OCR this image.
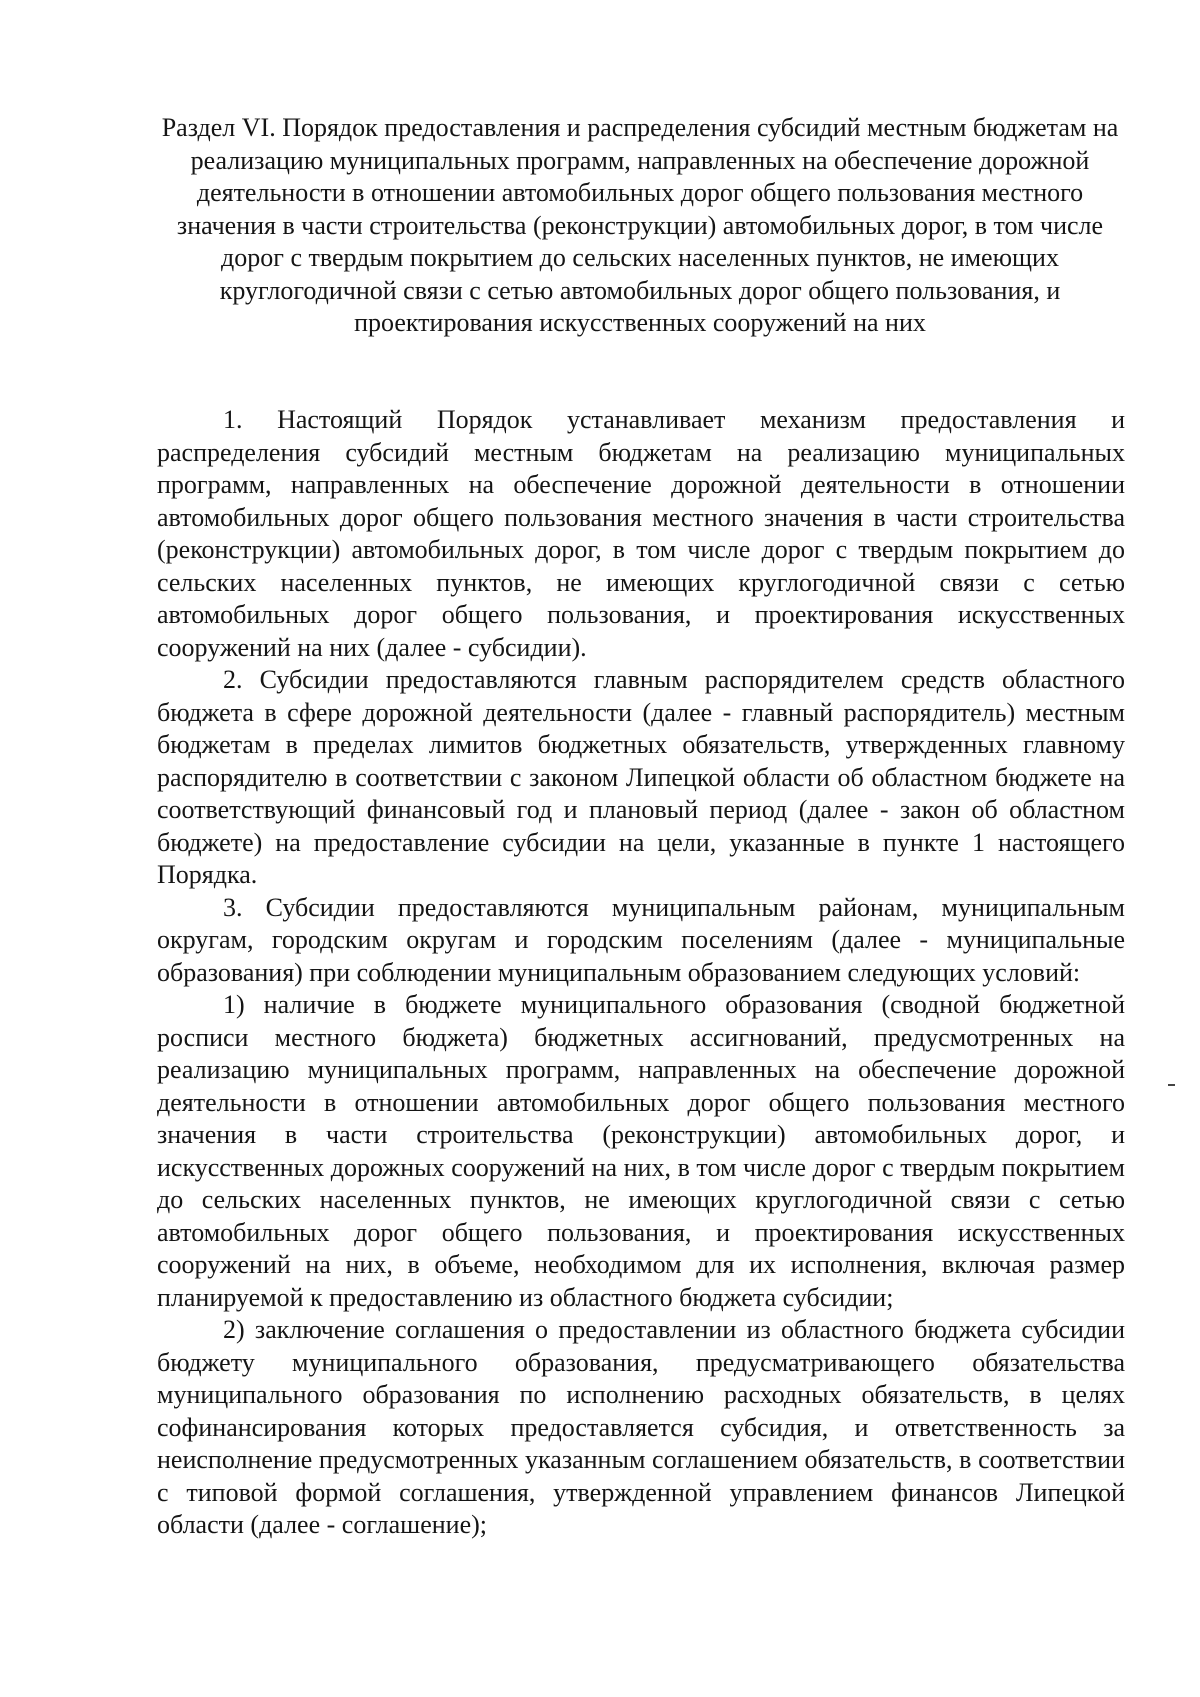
Раздел VI. Порядок предоставления и распределения субсидий местным бюджетам на реализацию муниципальных программ, направленных на обеспечение дорожной деятельности в отношении автомобильных дорог общего пользования местного значения в части строительства (реконструкции) автомобильных дорог, в том числе дорог с твердым покрытием до сельских населенных пунктов, не имеющих круглогодичной связи с сетью автомобильных дорог общего пользования, и проектирования искусственных сооружений на них

1. Настоящий Порядок устанавливает механизм предоставления и распределения субсидий местным бюджетам на реализацию муниципальных программ, направленных на обеспечение дорожной деятельности в отношении автомобильных дорог общего пользования местного значения в части строительства (реконструкции) автомобильных дорог, в том числе дорог с твердым покрытием до сельских населенных пунктов, не имеющих круглогодичной связи с сетью автомобильных дорог общего пользования, и проектирования искусственных сооружений на них (далее - субсидии).

2. Субсидии предоставляются главным распорядителем средств областного бюджета в сфере дорожной деятельности (далее - главный распорядитель) местным бюджетам в пределах лимитов бюджетных обязательств, утвержденных главному распорядителю в соответствии с законом Липецкой области об областном бюджете на соответствующий финансовый год и плановый период (далее - закон об областном бюджете) на предоставление субсидии на цели, указанные в пункте 1 настоящего Порядка.

3. Субсидии предоставляются муниципальным районам, муниципальным округам, городским округам и городским поселениям (далее - муниципальные образования) при соблюдении муниципальным образованием следующих условий:

1) наличие в бюджете муниципального образования (сводной бюджетной росписи местного бюджета) бюджетных ассигнований, предусмотренных на реализацию муниципальных программ, направленных на обеспечение дорожной деятельности в отношении автомобильных дорог общего пользования местного значения в части строительства (реконструкции) автомобильных дорог, и искусственных дорожных сооружений на них, в том числе дорог с твердым покрытием до сельских населенных пунктов, не имеющих круглогодичной связи с сетью автомобильных дорог общего пользования, и проектирования искусственных сооружений на них, в объеме, необходимом для их исполнения, включая размер планируемой к предоставлению из областного бюджета субсидии;

2) заключение соглашения о предоставлении из областного бюджета субсидии бюджету муниципального образования, предусматривающего обязательства муниципального образования по исполнению расходных обязательств, в целях софинансирования которых предоставляется субсидия, и ответственность за неисполнение предусмотренных указанным соглашением обязательств, в соответствии с типовой формой соглашения, утвержденной управлением финансов Липецкой области (далее - соглашение);
